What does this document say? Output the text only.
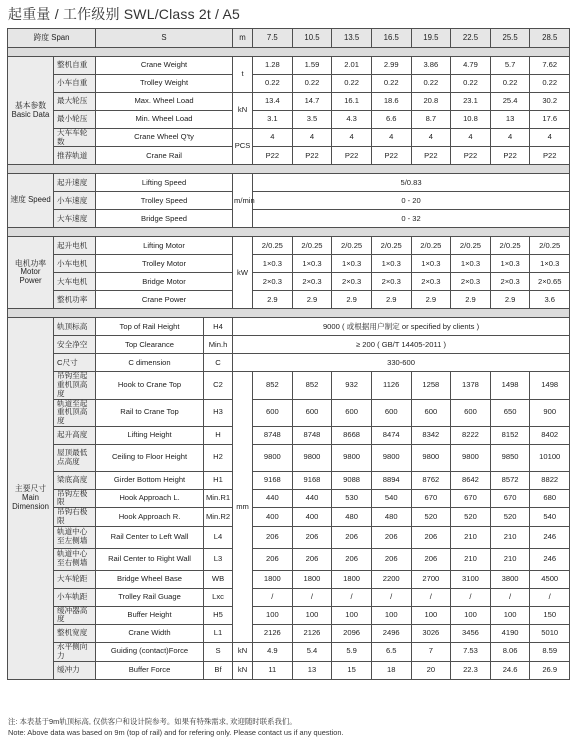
起重量 / 工作级别 SWL/Class 2t / A5
跨度 Span		S		m	7.5	10.5	13.5	16.5	19.5	22.5	25.5	28.5

基本参数 Basic Data	整机自重	Crane Weight		t	1.28	1.59	2.01	2.99	3.86	4.79	5.7	7.62
	小车自重	Trolley Weight			0.22	0.22	0.22	0.22	0.22	0.22	0.22	0.22
	最大轮压	Max. Wheel Load		kN	13.4	14.7	16.1	18.6	20.8	23.1	25.4	30.2
	最小轮压	Min. Wheel Load			3.1	3.5	4.3	6.6	8.7	10.8	13	17.6
	大车车轮数	Crane Wheel Q'ty		PCS	4	4	4	4	4	4	4	4
	推荐轨道	Crane Rail			P22	P22	P22	P22	P22	P22	P22	P22

速度 Speed	起升速度	Lifting Speed		m/min	5/0.83							
	小车速度	Trolley Speed			0 - 20							
	大车速度	Bridge Speed			0 - 32							

电机功率 Motor Power	起升电机	Lifting Motor		kW	2/0.25	2/0.25	2/0.25	2/0.25	2/0.25	2/0.25	2/0.25	2/0.25
	小车电机	Trolley Motor			1×0.3	1×0.3	1×0.3	1×0.3	1×0.3	1×0.3	1×0.3	1×0.3
	大车电机	Bridge Motor			2×0.3	2×0.3	2×0.3	2×0.3	2×0.3	2×0.3	2×0.3	2×0.65
	整机功率	Crane Power			2.9	2.9	2.9	2.9	2.9	2.9	2.9	3.6

主要尺寸 Main Dimension	轨顶标高	Top of Rail Height	H4	9000 ( 或根据用户制定 or specified by clients )								
	安全净空	Top Clearance	Min.h	≥ 200 ( GB/T 14405-2011 )								
	C尺寸	C dimension	C	330-600								
	吊钩至起重机顶高度	Hook to Crane Top	C2	mm	852	852	932	1126	1258	1378	1498	1498
	轨道至起重机顶高度	Rail to Crane Top	H3		600	600	600	600	600	600	650	900
	起升高度	Lifting Height	H		8748	8748	8668	8474	8342	8222	8152	8402
	屋顶最低点高度	Ceiling to Floor Height	H2		9800	9800	9800	9800	9800	9800	9850	10100
	梁底高度	Girder Bottom Height	H1		9168	9168	9088	8894	8762	8642	8572	8822
	吊钩左极限	Hook Approach L.	Min.R1		440	440	530	540	670	670	670	680
	吊钩右极限	Hook Approach R.	Min.R2		400	400	480	480	520	520	520	540
	轨道中心至左侧墙	Rail Center to Left Wall	L4		206	206	206	206	206	210	210	246
	轨道中心至右侧墙	Rail Center to Right Wall	L3		206	206	206	206	206	210	210	246
	大车轮距	Bridge Wheel Base	WB		1800	1800	1800	2200	2700	3100	3800	4500
	小车轨距	Trolley Rail Guage	Lxc		/	/	/	/	/	/	/	/
	缓冲器高度	Buffer Height	H5		100	100	100	100	100	100	100	150
	整机宽度	Crane Width	L1		2126	2126	2096	2496	3026	3456	4190	5010
	水平侧向力	Guiding (contact)Force	S	kN	4.9	5.4	5.9	6.5	7	7.53	8.06	8.59
	缓冲力	Buffer Force	Bf	kN	11	13	15	18	20	22.3	24.6	26.9
注: 本表基于9m轨顶标高, 仅供客户和设计院参考。如果有特殊需求, 欢迎随时联系我们。
Note: Above data was based on 9m (top of rail) and for refering only. Please contact us if any question.
